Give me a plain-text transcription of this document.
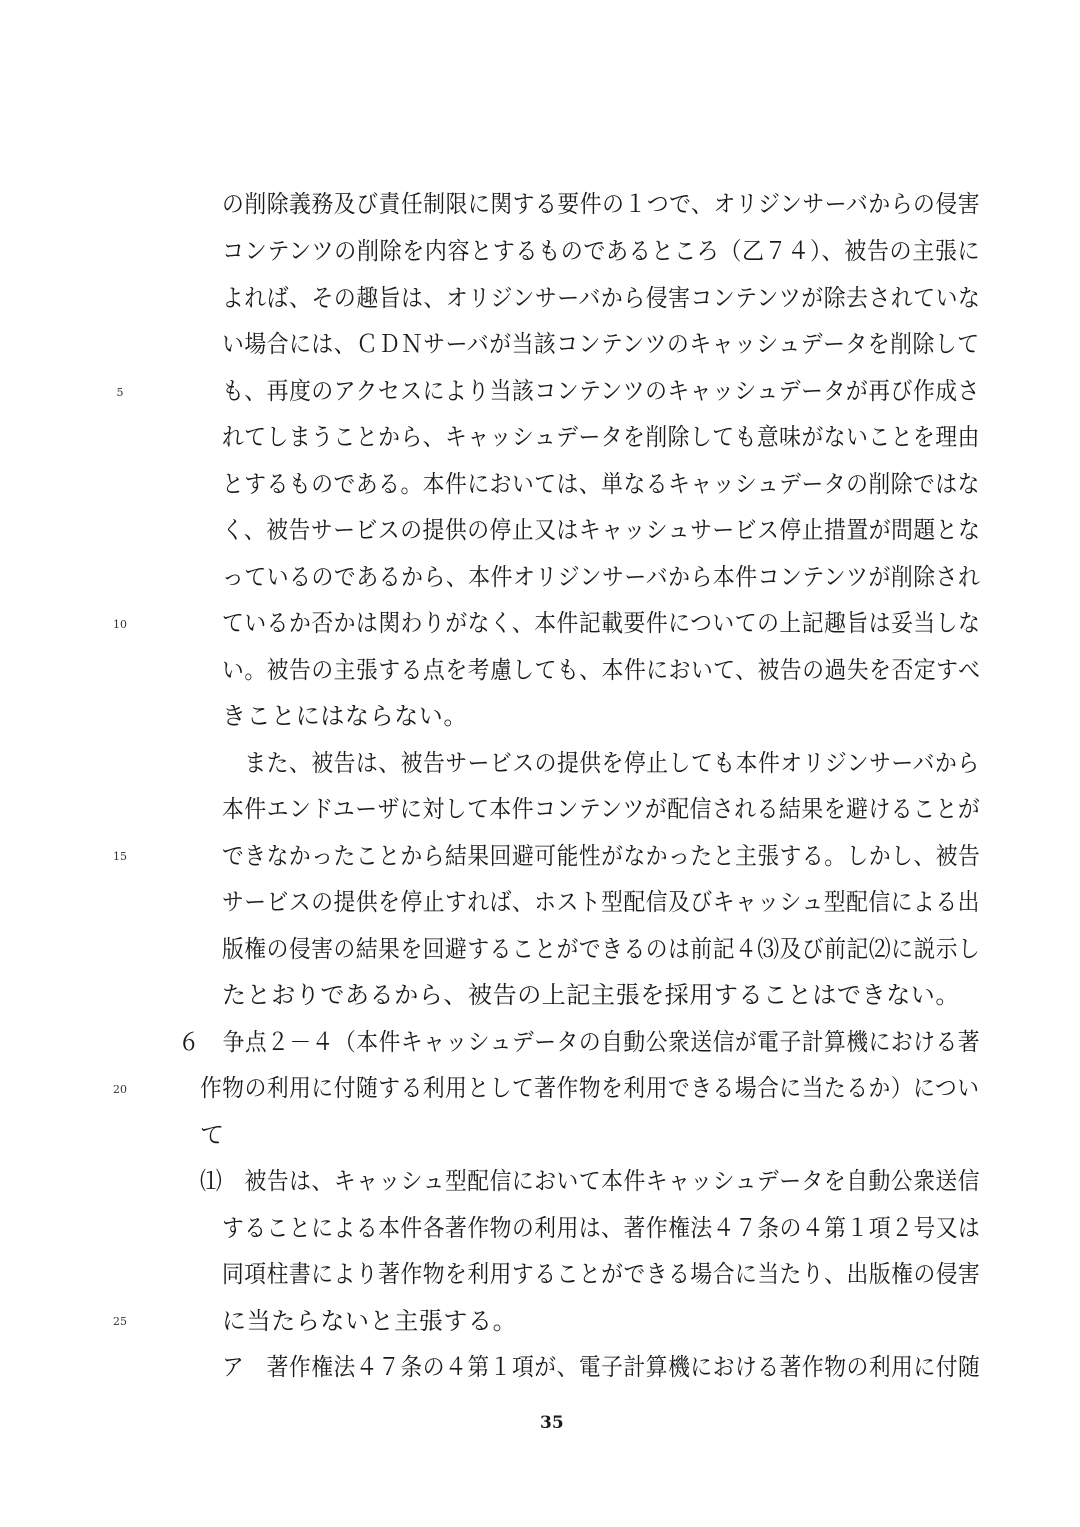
の削除義務及び責任制限に関する要件の１つで、オリジンサーバからの侵害
コンテンツの削除を内容とするものであるところ（乙７４）、被告の主張に
よれば、その趣旨は、オリジンサーバから侵害コンテンツが除去されていな
い場合には、ＣＤＮサーバが当該コンテンツのキャッシュデータを削除して
も、再度のアクセスにより当該コンテンツのキャッシュデータが再び作成さ
れてしまうことから、キャッシュデータを削除しても意味がないことを理由
とするものである。本件においては、単なるキャッシュデータの削除ではな
く、被告サービスの提供の停止又はキャッシュサービス停止措置が問題とな
っているのであるから、本件オリジンサーバから本件コンテンツが削除され
ているか否かは関わりがなく、本件記載要件についての上記趣旨は妥当しな
い。被告の主張する点を考慮しても、本件において、被告の過失を否定すべ
きことにはならない。
　また、被告は、被告サービスの提供を停止しても本件オリジンサーバから
本件エンドユーザに対して本件コンテンツが配信される結果を避けることが
できなかったことから結果回避可能性がなかったと主張する。しかし、被告
サービスの提供を停止すれば、ホスト型配信及びキャッシュ型配信による出
版権の侵害の結果を回避することができるのは前記４⑶及び前記⑵に説示し
たとおりであるから、被告の上記主張を採用することはできない。
６　争点２－４（本件キャッシュデータの自動公衆送信が電子計算機における著
作物の利用に付随する利用として著作物を利用できる場合に当たるか）につい
て
⑴　被告は、キャッシュ型配信において本件キャッシュデータを自動公衆送信
することによる本件各著作物の利用は、著作権法４７条の４第１項２号又は
同項柱書により著作物を利用することができる場合に当たり、出版権の侵害
に当たらないと主張する。
ア　著作権法４７条の４第１項が、電子計算機における著作物の利用に付随
5
10
15
20
25
35
